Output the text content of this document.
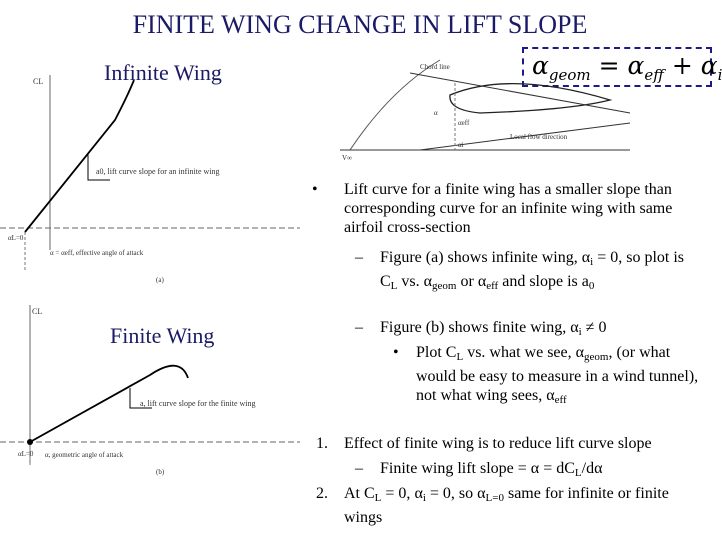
FINITE WING CHANGE IN LIFT SLOPE
Infinite Wing
Finite Wing
$\alpha_{geom} = \alpha_{eff} + \alpha_i$
CL
a0, lift curve slope for an infinite wing
αL=0
α = αeff, effective angle of attack
(a)
CL
a, lift curve slope for the finite wing
αL=0 α, geometric angle of attack
(b)
Chord line
Local flow direction
V∞
α
αeff
αi
• Lift curve for a finite wing has a smaller slope than corresponding curve for an infinite wing with same airfoil cross-section
– Figure (a) shows infinite wing, $\alpha_i = 0$, so plot is $C_L$ vs. $\alpha_{geom}$ or $\alpha_{eff}$ and slope is $a_0$
– Figure (b) shows finite wing, $\alpha_i \ne 0$
• Plot $C_L$ vs. what we see, $\alpha_{geom}$, (or what would be easy to measure in a wind tunnel), not what wing sees, $\alpha_{eff}$
1. Effect of finite wing is to reduce lift curve slope
– Finite wing lift slope = $\alpha = dC_L/d\alpha$
2. At $C_L = 0$, $\alpha_i = 0$, so $\alpha_{L=0}$ same for infinite or finite wings
